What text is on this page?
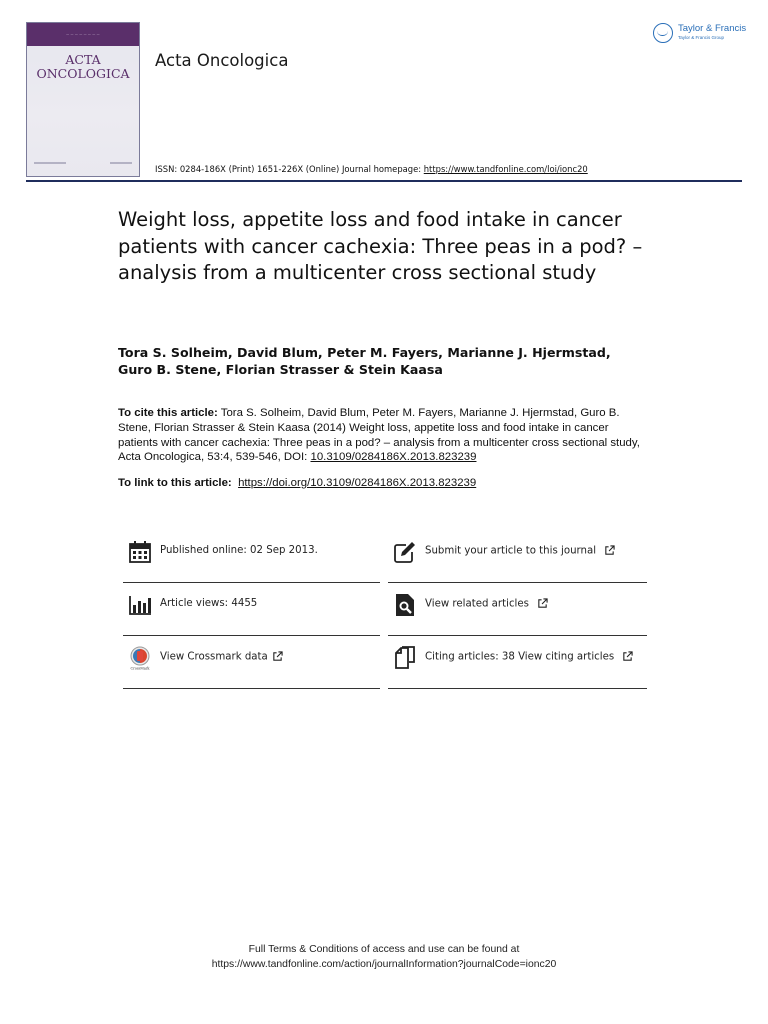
— — — — — — — —
ACTA
ONCOLOGICA
Acta Oncologica
Taylor & Francis
Taylor & Francis Group
ISSN: 0284-186X (Print) 1651-226X (Online) Journal homepage: https://www.tandfonline.com/loi/ionc20
Weight loss, appetite loss and food intake in cancer patients with cancer cachexia: Three peas in a pod? – analysis from a multicenter cross sectional study
Tora S. Solheim, David Blum, Peter M. Fayers, Marianne J. Hjermstad, Guro B. Stene, Florian Strasser & Stein Kaasa
To cite this article: Tora S. Solheim, David Blum, Peter M. Fayers, Marianne J. Hjermstad, Guro B. Stene, Florian Strasser & Stein Kaasa (2014) Weight loss, appetite loss and food intake in cancer patients with cancer cachexia: Three peas in a pod? – analysis from a multicenter cross sectional study, Acta Oncologica, 53:4, 539-546, DOI: 10.3109/0284186X.2013.823239
To link to this article: https://doi.org/10.3109/0284186X.2013.823239
Published online: 02 Sep 2013.	Submit your article to this journal
Article views: 4455	View related articles
CrossMark
View Crossmark data	Citing articles: 38 View citing articles
Full Terms & Conditions of access and use can be found at
https://www.tandfonline.com/action/journalInformation?journalCode=ionc20
